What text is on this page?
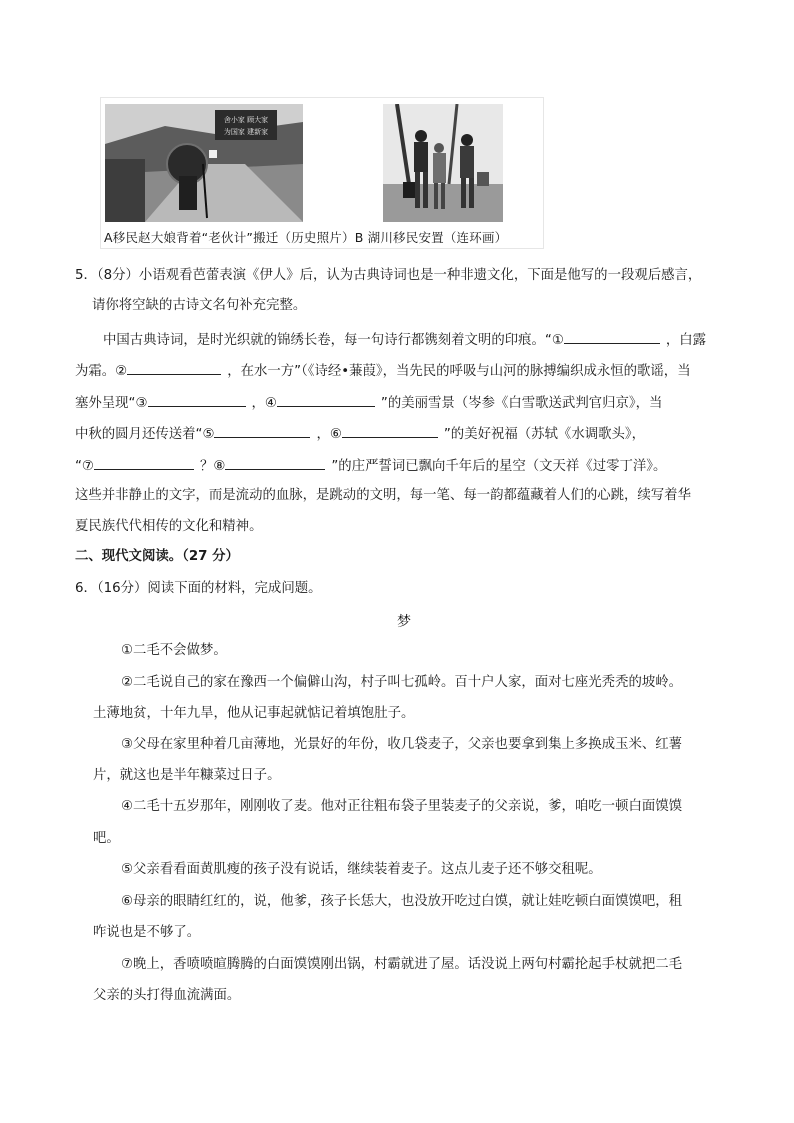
舍小家 顾大家
为国家 建新家
A移民赵大娘背着“老伙计”搬迁（历史照片）B 湖川移民安置（连环画）
5．（8分）小语观看芭蕾表演《伊人》后，认为古典诗词也是一种非遗文化，下面是他写的一段观后感言，
请你将空缺的古诗文名句补充完整。
中国古典诗词，是时光织就的锦绣长卷，每一句诗行都镌刻着文明的印痕。“①	，白露
为霜。②	，在水一方”（《诗经•蒹葭》，当先民的呼吸与山河的脉搏编织成永恒的歌谣，当
塞外呈现“③	，④	”的美丽雪景（岑参《白雪歌送武判官归京》，当
中秋的圆月还传送着“⑤	，⑥	”的美好祝福（苏轼《水调歌头》，
“⑦	？⑧	”的庄严誓词已飘向千年后的星空（文天祥《过零丁洋》。
这些并非静止的文字，而是流动的血脉，是跳动的文明，每一笔、每一韵都蕴藏着人们的心跳，续写着华
夏民族代代相传的文化和精神。
二、现代文阅读。（27 分）
6．（16分）阅读下面的材料，完成问题。
梦
①二毛不会做梦。
②二毛说自己的家在豫西一个偏僻山沟，村子叫七孤岭。百十户人家，面对七座光秃秃的坡岭。
土薄地贫，十年九旱，他从记事起就惦记着填饱肚子。
③父母在家里种着几亩薄地，光景好的年份，收几袋麦子，父亲也要拿到集上多换成玉米、红薯
片，就这也是半年糠菜过日子。
④二毛十五岁那年，刚刚收了麦。他对正往粗布袋子里装麦子的父亲说，爹，咱吃一顿白面馍馍
吧。
⑤父亲看看面黄肌瘦的孩子没有说话，继续装着麦子。这点儿麦子还不够交租呢。
⑥母亲的眼睛红红的，说，他爹，孩子长恁大，也没放开吃过白馍，就让娃吃顿白面馍馍吧，租
咋说也是不够了。
⑦晚上，香喷喷暄腾腾的白面馍馍刚出锅，村霸就进了屋。话没说上两句村霸抡起手杖就把二毛
父亲的头打得血流满面。
